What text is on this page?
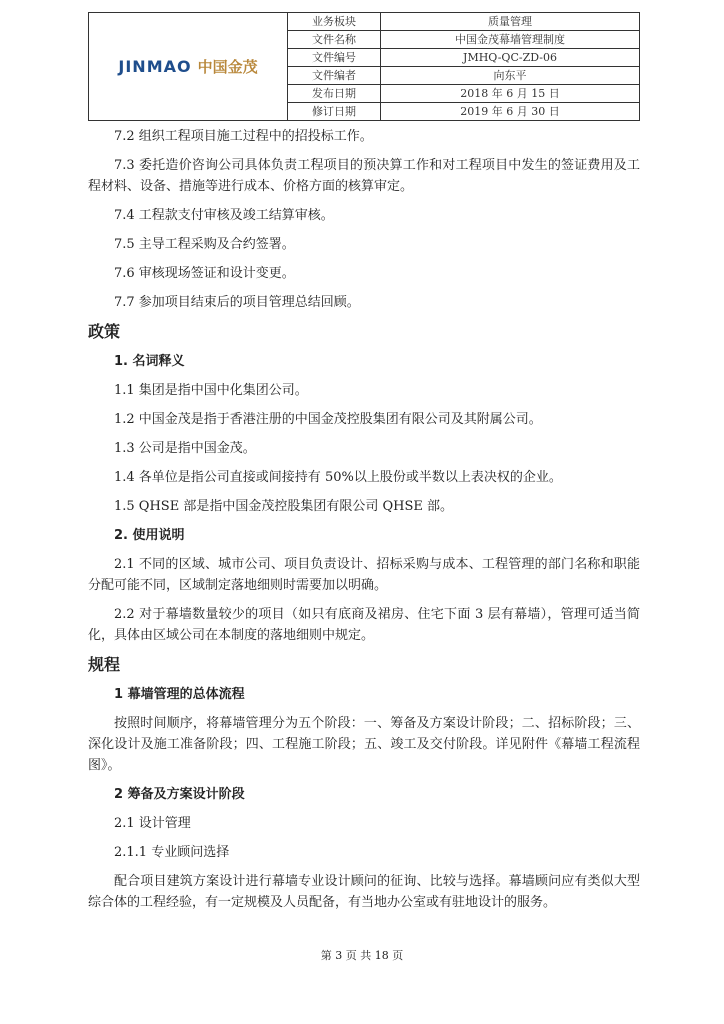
JINMAO 中国金茂	业务板块	质量管理
	文件名称	中国金茂幕墙管理制度
	文件编号	JMHQ-QC-ZD-06
	文件编者	向东平
	发布日期	2018 年 6 月 15 日
	修订日期	2019 年 6 月 30 日

7.2 组织工程项目施工过程中的招投标工作。

7.3 委托造价咨询公司具体负责工程项目的预决算工作和对工程项目中发生的签证费用及工程材料、设备、措施等进行成本、价格方面的核算审定。

7.4 工程款支付审核及竣工结算审核。

7.5 主导工程采购及合约签署。

7.6 审核现场签证和设计变更。

7.7 参加项目结束后的项目管理总结回顾。

政策

1. 名词释义

1.1 集团是指中国中化集团公司。

1.2 中国金茂是指于香港注册的中国金茂控股集团有限公司及其附属公司。

1.3 公司是指中国金茂。

1.4 各单位是指公司直接或间接持有 50%以上股份或半数以上表决权的企业。

1.5 QHSE 部是指中国金茂控股集团有限公司 QHSE 部。

2. 使用说明

2.1 不同的区域、城市公司、项目负责设计、招标采购与成本、工程管理的部门名称和职能分配可能不同，区域制定落地细则时需要加以明确。

2.2 对于幕墙数量较少的项目（如只有底商及裙房、住宅下面 3 层有幕墙），管理可适当简化，具体由区域公司在本制度的落地细则中规定。

规程

1 幕墙管理的总体流程

按照时间顺序，将幕墙管理分为五个阶段：一、筹备及方案设计阶段；二、招标阶段；三、深化设计及施工准备阶段；四、工程施工阶段；五、竣工及交付阶段。详见附件《幕墙工程流程图》。

2 筹备及方案设计阶段

2.1 设计管理

2.1.1 专业顾问选择

配合项目建筑方案设计进行幕墙专业设计顾问的征询、比较与选择。幕墙顾问应有类似大型综合体的工程经验，有一定规模及人员配备，有当地办公室或有驻地设计的服务。

第 3 页 共 18 页
